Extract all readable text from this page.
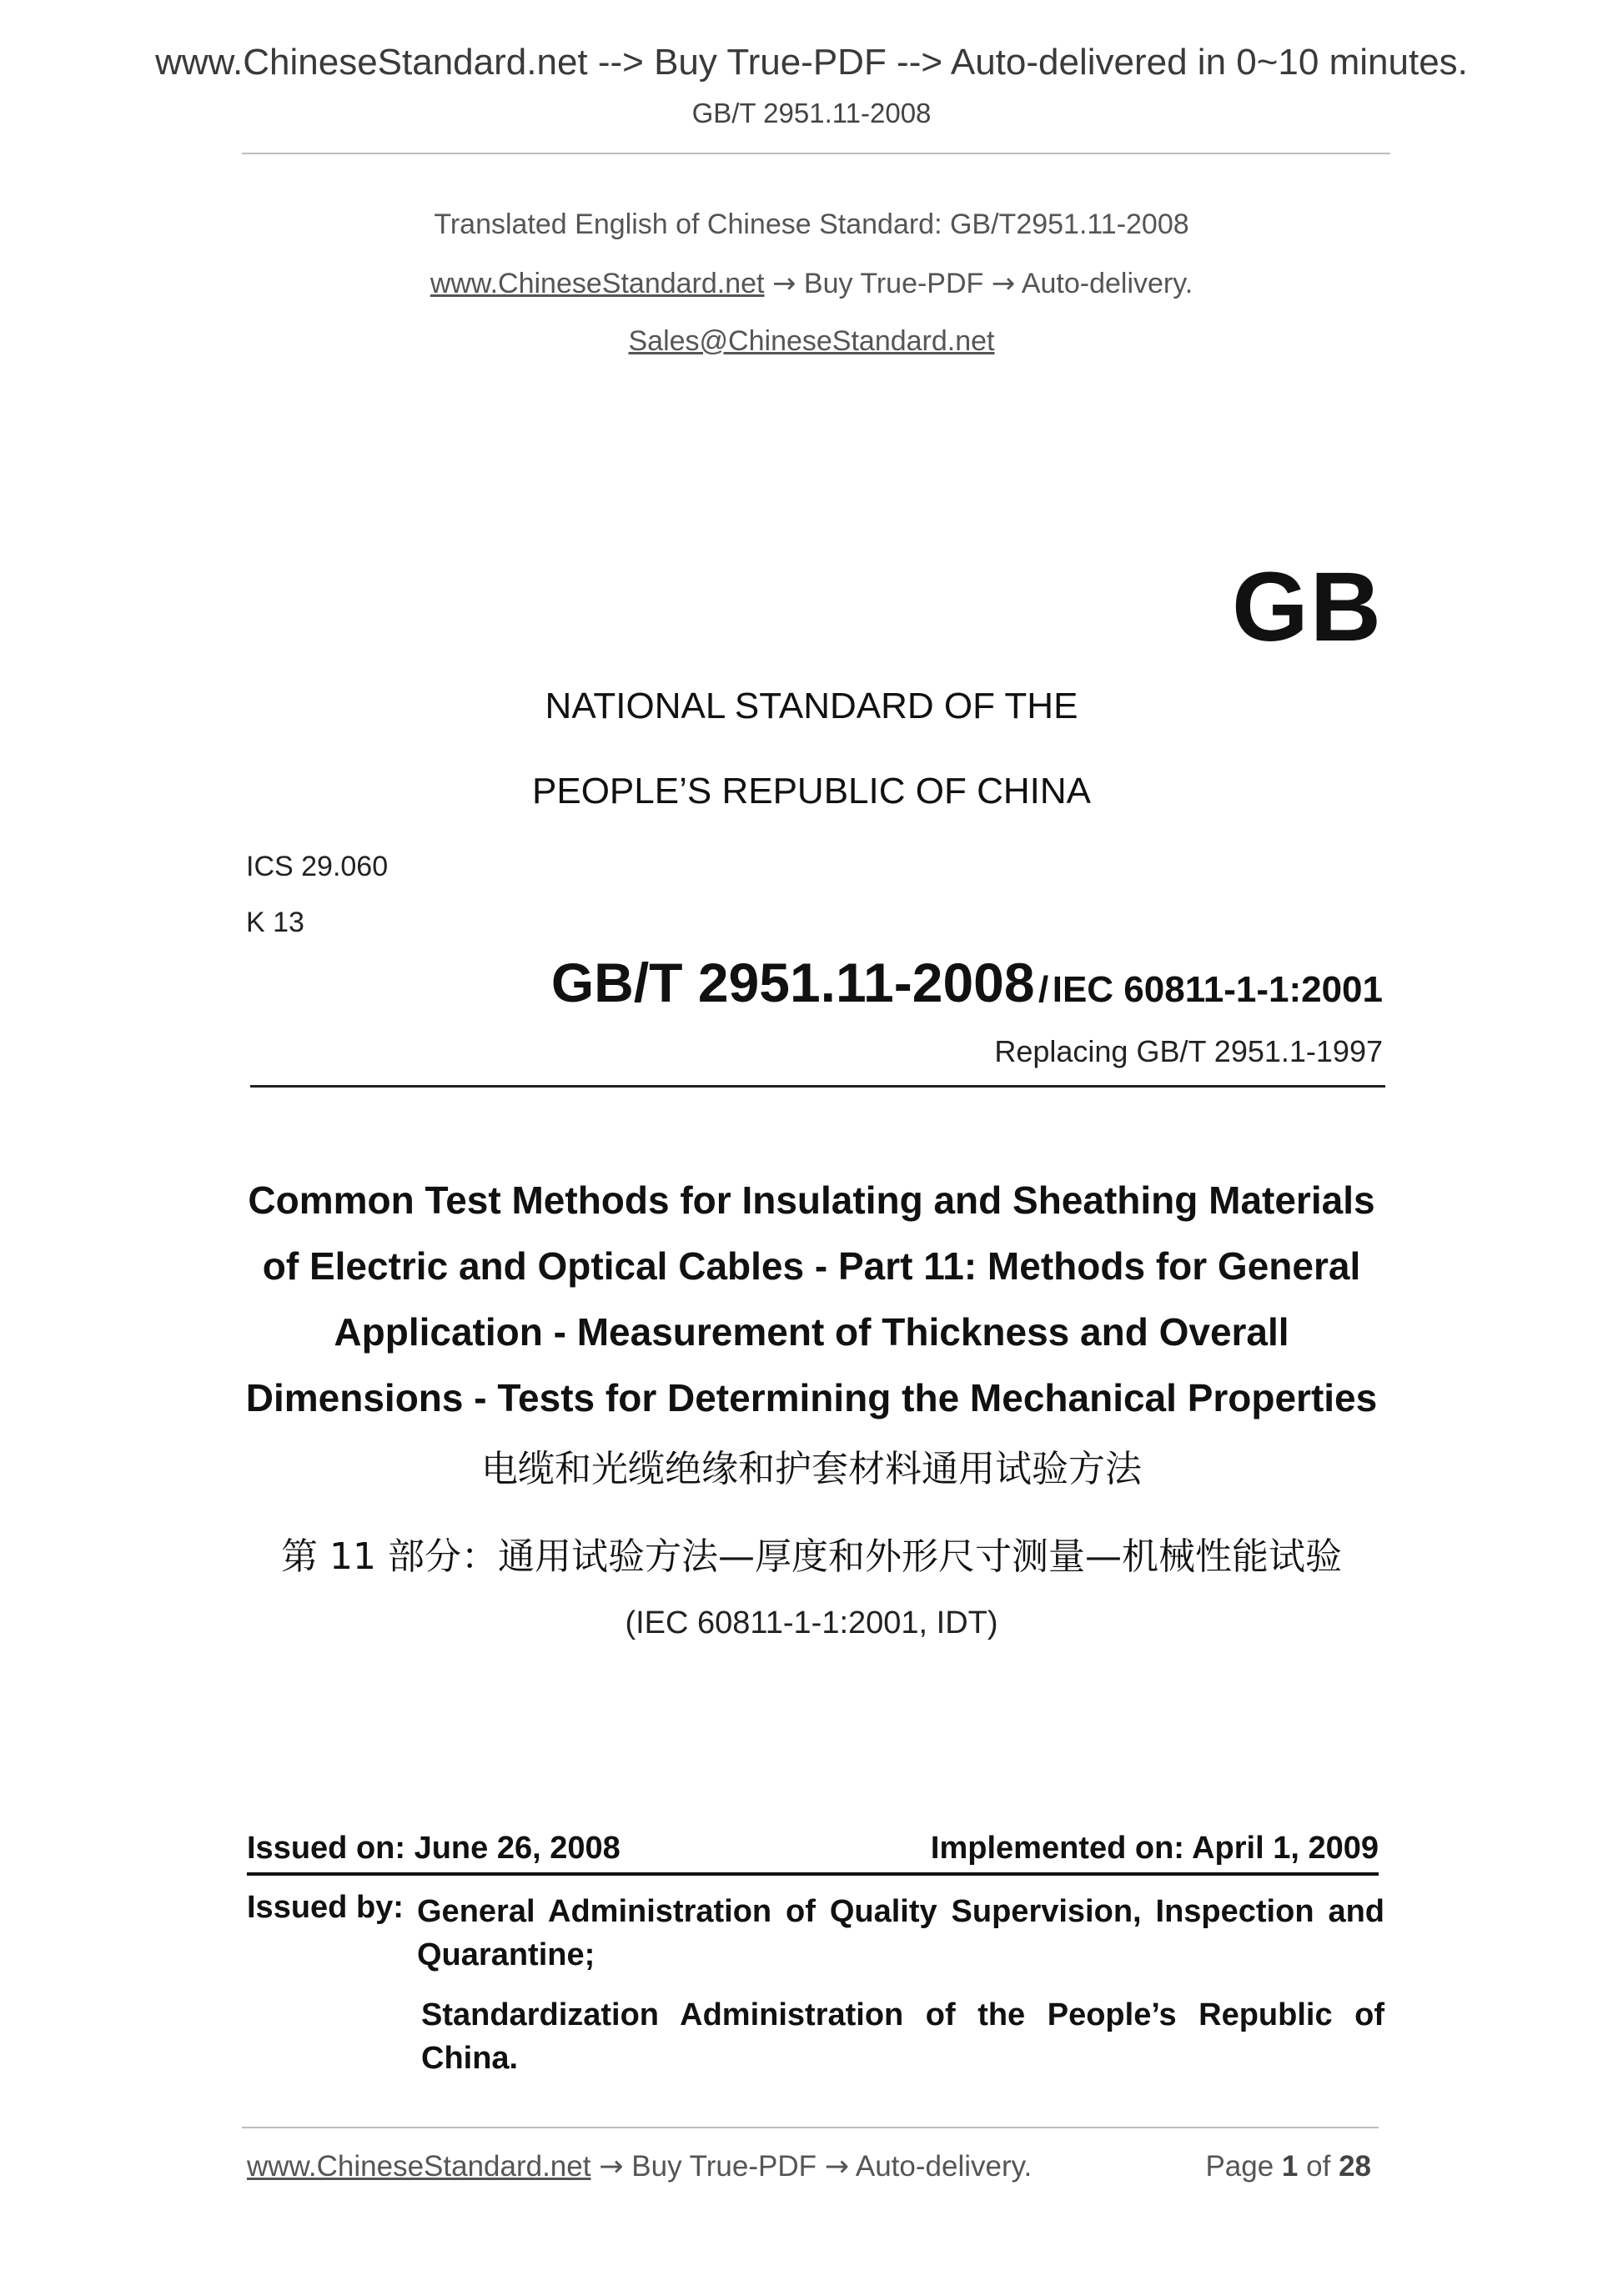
www.ChineseStandard.net --> Buy True-PDF --> Auto-delivered in 0~10 minutes.
GB/T 2951.11-2008
Translated English of Chinese Standard: GB/T2951.11-2008
www.ChineseStandard.net → Buy True-PDF → Auto-delivery.
Sales@ChineseStandard.net
GB
NATIONAL STANDARD OF THE
PEOPLE’S REPUBLIC OF CHINA
ICS 29.060
K 13
GB/T 2951.11-2008 / IEC 60811-1-1:2001
Replacing GB/T 2951.1-1997
Common Test Methods for Insulating and Sheathing Materials
of Electric and Optical Cables - Part 11: Methods for General
Application - Measurement of Thickness and Overall
Dimensions - Tests for Determining the Mechanical Properties
电缆和光缆绝缘和护套材料通用试验方法
第 11 部分：通用试验方法—厚度和外形尺寸测量—机械性能试验
(IEC 60811-1-1:2001, IDT)
Issued on: June 26, 2008	Implemented on: April 1, 2009
Issued by: General Administration of Quality Supervision, Inspection and Quarantine;
Standardization Administration of the People’s Republic of China.
www.ChineseStandard.net → Buy True-PDF → Auto-delivery.	Page 1 of 28
